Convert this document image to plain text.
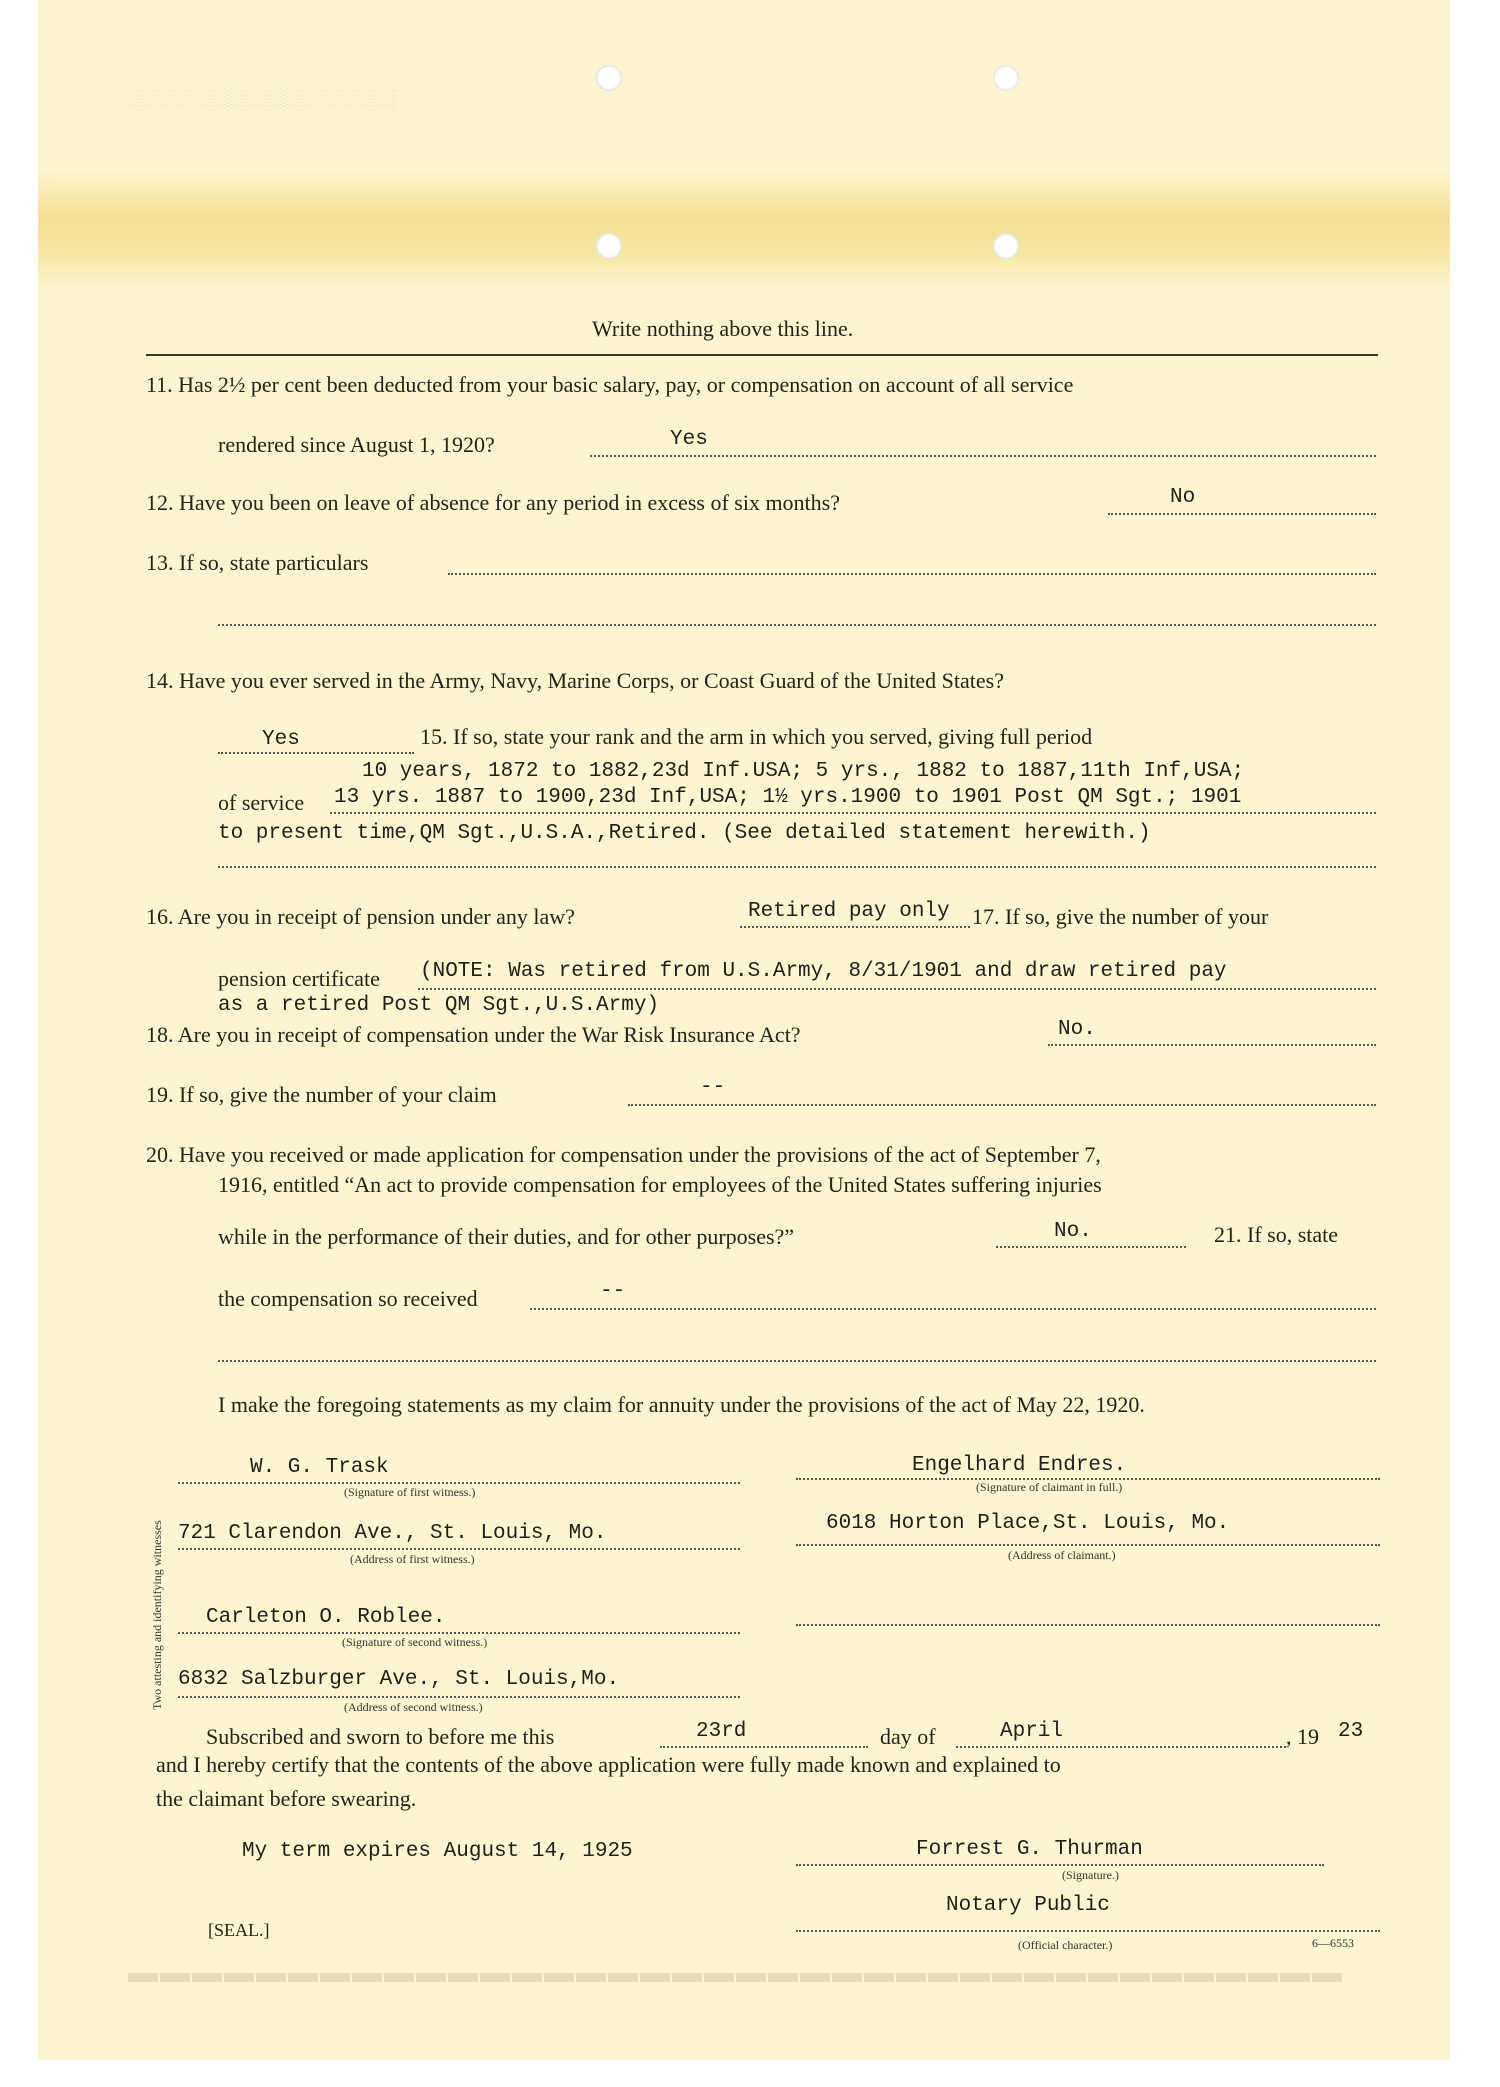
░░░░░░░░░░░░░░░░░░░
▬▬▬▬▬▬▬▬▬▬▬▬▬▬▬▬▬▬▬▬▬▬▬▬▬▬▬▬▬▬▬▬▬▬▬▬▬▬
Write nothing above this line.
11. Has 2½ per cent been deducted from your basic salary, pay, or compensation on account of all service
rendered since August 1, 1920?	Yes
12. Have you been on leave of absence for any period in excess of six months?	No
13. If so, state particulars
14. Have you ever served in the Army, Navy, Marine Corps, or Coast Guard of the United States?
Yes	15. If so, state your rank and the arm in which you served, giving full period
10 years, 1872 to 1882,23d Inf.USA; 5 yrs., 1882 to 1887,11th Inf,USA;
of service 13 yrs. 1887 to 1900,23d Inf,USA; 1½ yrs.1900 to 1901 Post QM Sgt.; 1901
to present time,QM Sgt.,U.S.A.,Retired. (See detailed statement herewith.)
16. Are you in receipt of pension under any law?	Retired pay only 17. If so, give the number of your
pension certificate (NOTE: Was retired from U.S.Army, 8/31/1901 and draw retired pay
as a retired Post QM Sgt.,U.S.Army)
18. Are you in receipt of compensation under the War Risk Insurance Act?	No.
19. If so, give the number of your claim	--
20. Have you received or made application for compensation under the provisions of the act of September 7,
1916, entitled “An act to provide compensation for employees of the United States suffering injuries
while in the performance of their duties, and for other purposes?”	No.	21. If so, state
the compensation so received	--
I make the foregoing statements as my claim for annuity under the provisions of the act of May 22, 1920.
Two attesting and identifying witnesses
W. G. Trask
(Signature of first witness.)
721 Clarendon Ave., St. Louis, Mo.
(Address of first witness.)
Carleton O. Roblee.
(Signature of second witness.)
6832 Salzburger Ave., St. Louis,Mo.
(Address of second witness.)
Engelhard Endres.
(Signature of claimant in full.)
6018 Horton Place,St. Louis, Mo.
(Address of claimant.)
Subscribed and sworn to before me this	23rd	day of	April	, 19 23
and I hereby certify that the contents of the above application were fully made known and explained to
the claimant before swearing.
My term expires August 14, 1925	Forrest G. Thurman
(Signature.)
Notary Public
[SEAL.]
(Official character.)	6—6553
